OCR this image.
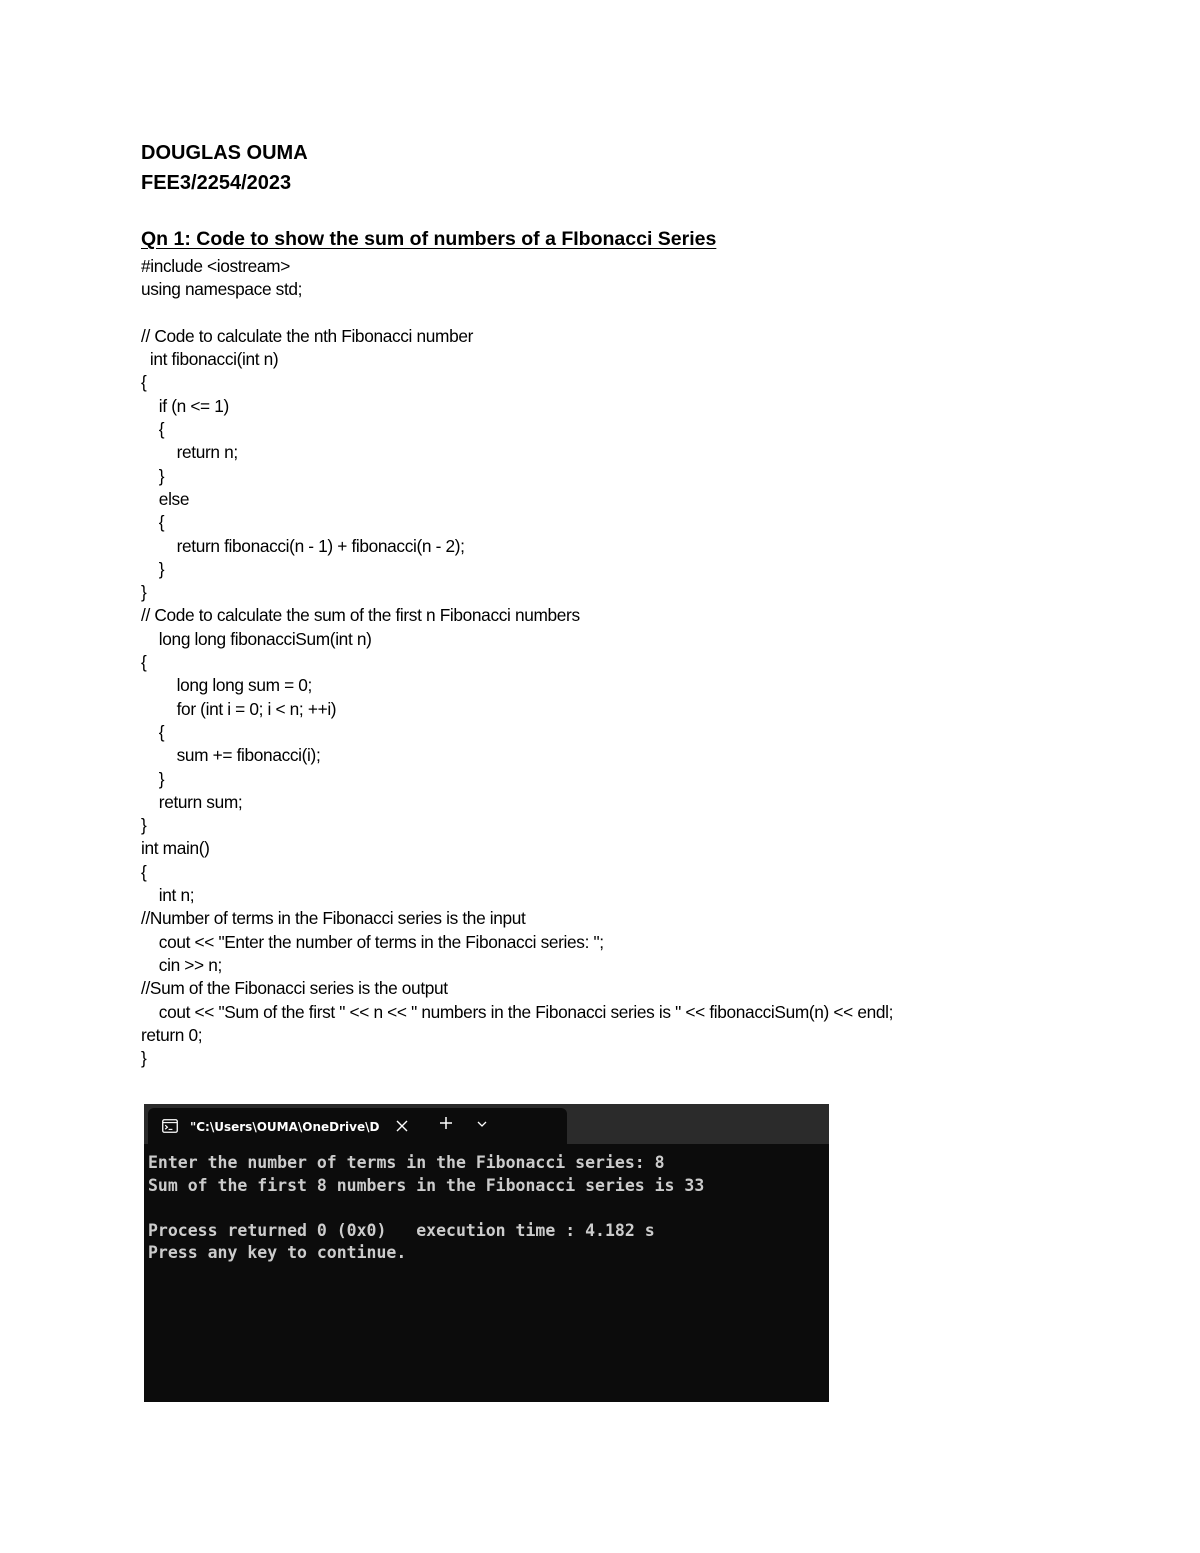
DOUGLAS OUMA
FEE3/2254/2023
Qn 1: Code to show the sum of numbers of a FIbonacci Series
#include <iostream>
using namespace std;
// Code to calculate the nth Fibonacci number
int fibonacci(int n)
{
if (n <= 1)
{
return n;
}
else
{
return fibonacci(n - 1) + fibonacci(n - 2);
}
}
// Code to calculate the sum of the first n Fibonacci numbers
long long fibonacciSum(int n)
{
long long sum = 0;
for (int i = 0; i < n; ++i)
{
sum += fibonacci(i);
}
return sum;
}
int main()
{
int n;
//Number of terms in the Fibonacci series is the input
cout << "Enter the number of terms in the Fibonacci series: ";
cin >> n;
//Sum of the Fibonacci series is the output
cout << "Sum of the first " << n << " numbers in the Fibonacci series is " << fibonacciSum(n) << endl;
return 0;
}
"C:\Users\OUMA\OneDrive\D
Enter the number of terms in the Fibonacci series: 8
Sum of the first 8 numbers in the Fibonacci series is 33
Process returned 0 (0x0)   execution time : 4.182 s
Press any key to continue.
